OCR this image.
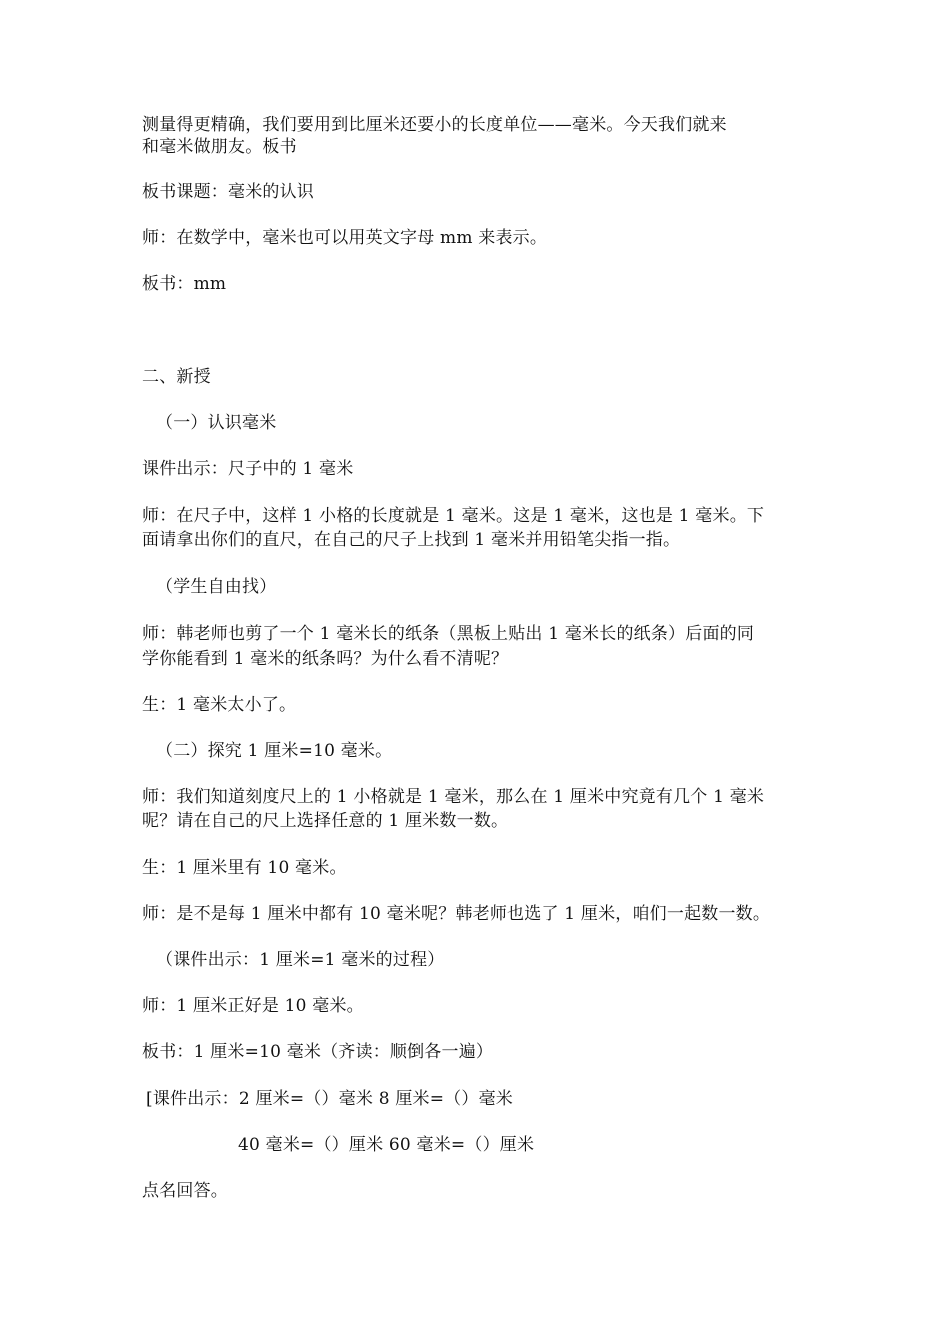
测量得更精确，我们要用到比厘米还要小的长度单位——毫米。今天我们就来
和毫米做朋友。板书
板书课题：毫米的认识
师：在数学中，毫米也可以用英文字母 mm 来表示。
板书：mm
二、新授
（一）认识毫米
课件出示：尺子中的 1 毫米
师：在尺子中，这样 1 小格的长度就是 1 毫米。这是 1 毫米，这也是 1 毫米。下
面请拿出你们的直尺，在自己的尺子上找到 1 毫米并用铅笔尖指一指。
（学生自由找）
师：韩老师也剪了一个 1 毫米长的纸条（黑板上贴出 1 毫米长的纸条）后面的同
学你能看到 1 毫米的纸条吗？为什么看不清呢？
生：1 毫米太小了。
（二）探究 1 厘米=10 毫米。
师：我们知道刻度尺上的 1 小格就是 1 毫米，那么在 1 厘米中究竟有几个 1 毫米
呢？请在自己的尺上选择任意的 1 厘米数一数。
生：1 厘米里有 10 毫米。
师：是不是每 1 厘米中都有 10 毫米呢？韩老师也选了 1 厘米，咱们一起数一数。
（课件出示：1 厘米=1 毫米的过程）
师：1 厘米正好是 10 毫米。
板书：1 厘米=10 毫米（齐读：顺倒各一遍）
[课件出示：2 厘米=（）毫米 8 厘米=（）毫米
40 毫米=（）厘米 60 毫米=（）厘米
点名回答。
